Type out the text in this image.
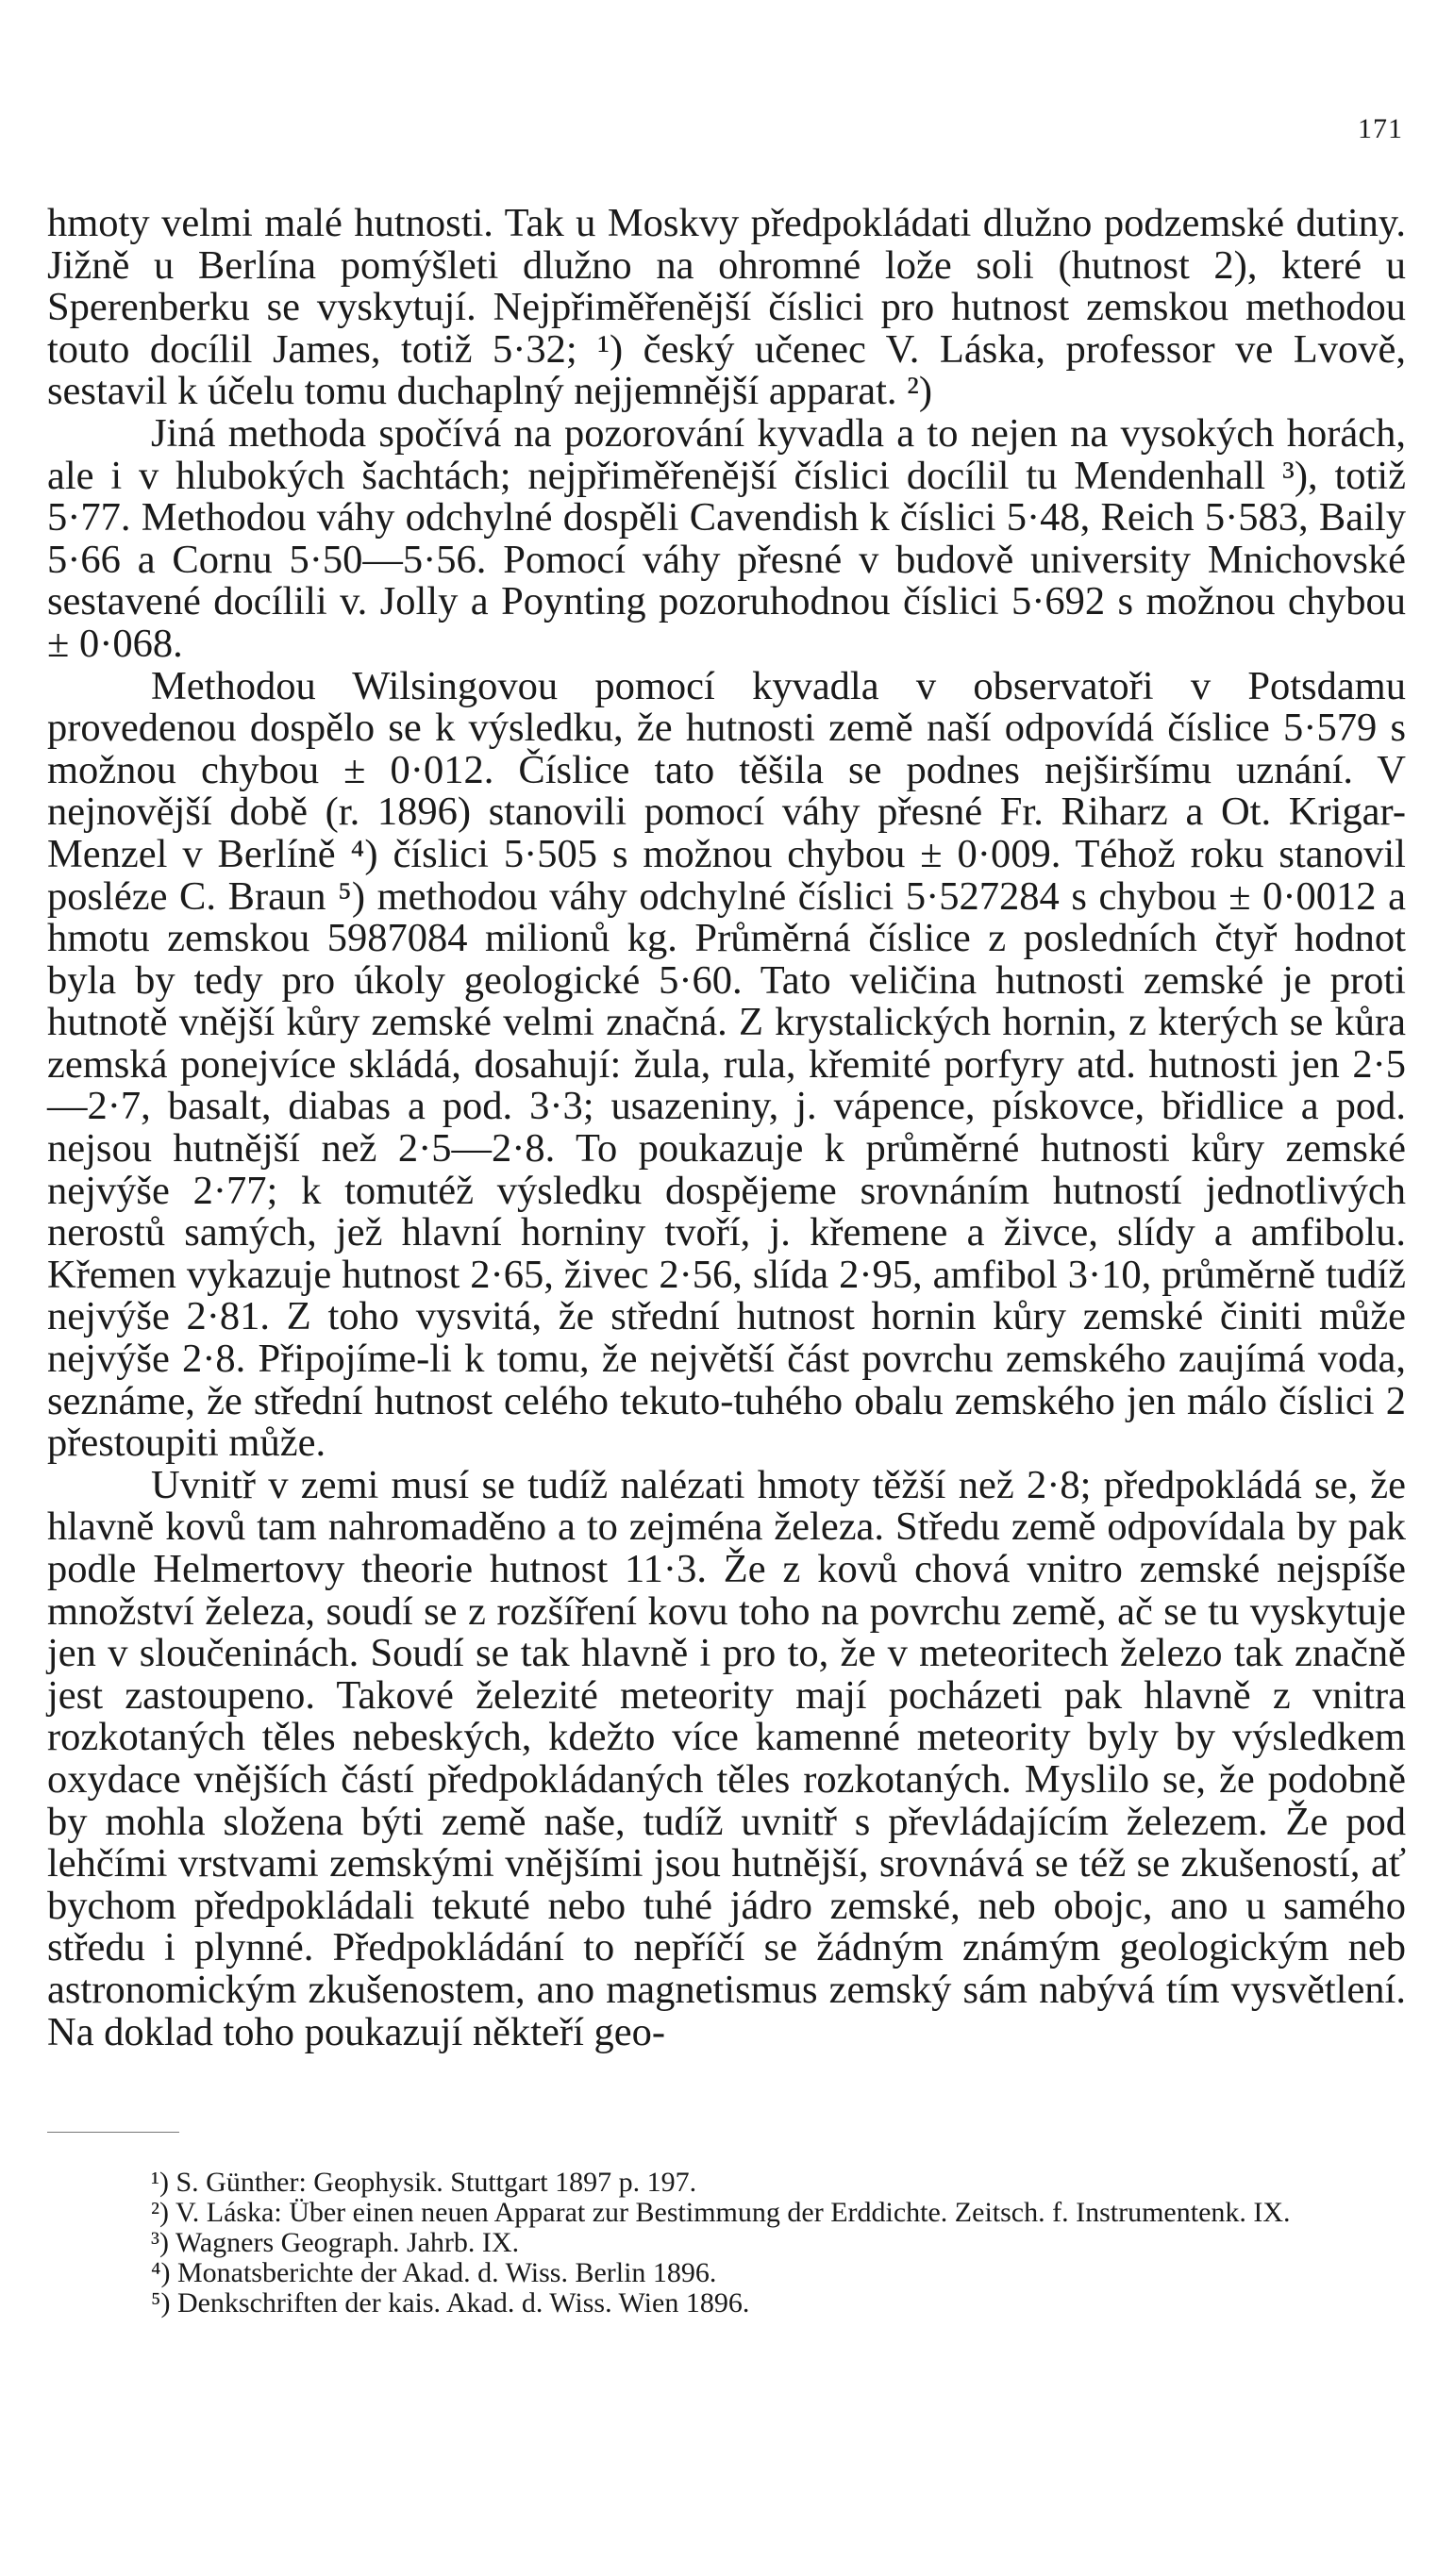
171

hmoty velmi malé hutnosti. Tak u Moskvy předpokládati dlužno podzemské dutiny. Jižně u Berlína pomýšleti dlužno na ohromné lože soli (hutnost 2), které u Sperenberku se vyskytují. Nejpřiměřenější číslici pro hutnost zemskou methodou touto docílil James, totiž 5·32; ¹) český učenec V. Láska, professor ve Lvově, sestavil k účelu tomu duchaplný nejjemnější apparat. ²)

Jiná methoda spočívá na pozorování kyvadla a to nejen na vysokých horách, ale i v hlubokých šachtách; nejpřiměřenější číslici docílil tu Mendenhall ³), totiž 5·77. Methodou váhy odchylné dospěli Cavendish k číslici 5·48, Reich 5·583, Baily 5·66 a Cornu 5·50—5·56. Pomocí váhy přesné v budově university Mnichovské sestavené docílili v. Jolly a Poynting pozoruhodnou číslici 5·692 s možnou chybou ± 0·068.

Methodou Wilsingovou pomocí kyvadla v observatoři v Potsdamu provedenou dospělo se k výsledku, že hutnosti země naší odpovídá číslice 5·579 s možnou chybou ± 0·012. Číslice tato těšila se podnes nejširšímu uznání. V nejnovější době (r. 1896) stanovili pomocí váhy přesné Fr. Riharz a Ot. Krigar-Menzel v Berlíně ⁴) číslici 5·505 s možnou chybou ± 0·009. Téhož roku stanovil posléze C. Braun ⁵) methodou váhy odchylné číslici 5·527284 s chybou ± 0·0012 a hmotu zemskou 5987084 milionů kg. Průměrná číslice z posledních čtyř hodnot byla by tedy pro úkoly geologické 5·60. Tato veličina hutnosti zemské je proti hutnotě vnější kůry zemské velmi značná. Z krystalických hornin, z kterých se kůra zemská ponejvíce skládá, dosahují: žula, rula, křemité porfyry atd. hutnosti jen 2·5—2·7, basalt, diabas a pod. 3·3; usazeniny, j. vápence, pískovce, břidlice a pod. nejsou hutnější než 2·5—2·8. To poukazuje k průměrné hutnosti kůry zemské nejvýše 2·77; k tomutéž výsledku dospějeme srovnáním hutností jednotlivých nerostů samých, jež hlavní horniny tvoří, j. křemene a živce, slídy a amfibolu. Křemen vykazuje hutnost 2·65, živec 2·56, slída 2·95, amfibol 3·10, průměrně tudíž nejvýše 2·81. Z toho vysvitá, že střední hutnost hornin kůry zemské činiti může nejvýše 2·8. Připojíme-li k tomu, že největší část povrchu zemského zaujímá voda, seznáme, že střední hutnost celého tekuto-tuhého obalu zemského jen málo číslici 2 přestoupiti může.

Uvnitř v zemi musí se tudíž nalézati hmoty těžší než 2·8; předpokládá se, že hlavně kovů tam nahromaděno a to zejména železa. Středu země odpovídala by pak podle Helmertovy theorie hutnost 11·3. Že z kovů chová vnitro zemské nejspíše množství železa, soudí se z rozšíření kovu toho na povrchu země, ač se tu vyskytuje jen v sloučeninách. Soudí se tak hlavně i pro to, že v meteoritech železo tak značně jest zastoupeno. Takové železité meteority mají pocházeti pak hlavně z vnitra rozkotaných těles nebeských, kdežto více kamenné meteority byly by výsledkem oxydace vnějších částí předpokládaných těles rozkotaných. Myslilo se, že podobně by mohla složena býti země naše, tudíž uvnitř s převládajícím železem. Že pod lehčími vrstvami zemskými vnějšími jsou hutnější, srovnává se též se zkušeností, ať bychom předpokládali tekuté nebo tuhé jádro zemské, neb obojc, ano u samého středu i plynné. Předpokládání to nepříčí se žádným známým geologickým neb astronomickým zkušenostem, ano magnetismus zemský sám nabývá tím vysvětlení. Na doklad toho poukazují někteří geo-

¹) S. Günther: Geophysik. Stuttgart 1897 p. 197.

²) V. Láska: Über einen neuen Apparat zur Bestimmung der Erddichte. Zeitsch. f. Instrumentenk. IX.

³) Wagners Geograph. Jahrb. IX.

⁴) Monatsberichte der Akad. d. Wiss. Berlin 1896.

⁵) Denkschriften der kais. Akad. d. Wiss. Wien 1896.
